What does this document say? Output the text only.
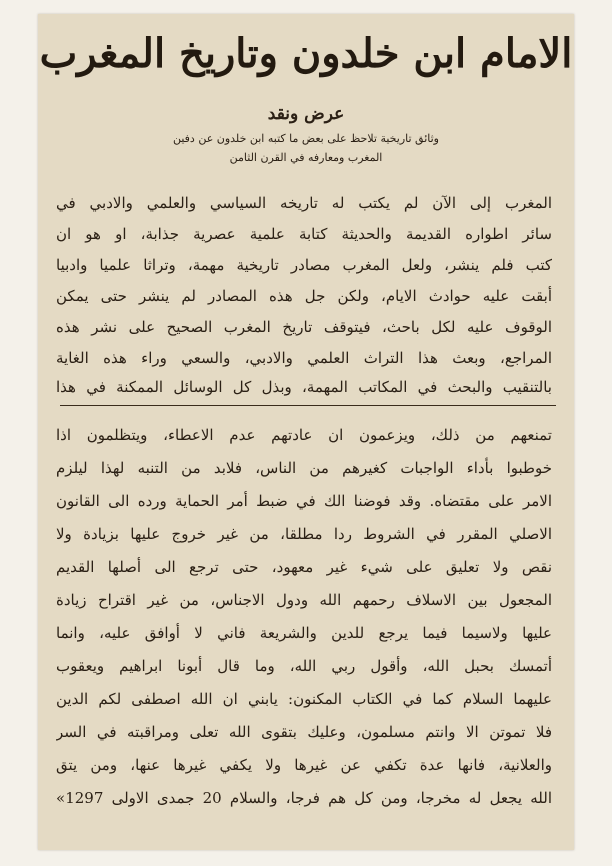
الامام ابن خلدون وتاريخ المغرب
عرض ونقد
وثائق تاريخية تلاحظ على بعض ما كتبه ابن خلدون عن دفين
المغرب ومعارفه في القرن الثامن
المغرب إلى الآن لم يكتب له تاريخه السياسي والعلمي والادبي في
سائر اطواره القديمة والحديثة كتابة علمية عصرية جذابة، او هو ان
كتب فلم ينشر، ولعل المغرب مصادر تاريخية مهمة، وتراثا علميا وادبيا
أبقت عليه حوادث الايام، ولكن جل هذه المصادر لم ينشر حتى يمكن
الوقوف عليه لكل باحث، فيتوقف تاريخ المغرب الصحيح على نشر هذه
المراجع، وبعث هذا التراث العلمي والادبي، والسعي وراء هذه الغاية
بالتنقيب والبحث في المكاتب المهمة، وبذل كل الوسائل الممكنة في هذا
تمنعهم من ذلك، ويزعمون ان عادتهم عدم الاعطاء، ويتظلمون اذا
خوطبوا بأداء الواجبات كغيرهم من الناس، فلابد من التنبه لهذا ليلزم
الامر على مقتضاه. وقد فوضنا الك في ضبط أمر الحماية ورده الى القانون
الاصلي المقرر في الشروط ردا مطلقا، من غير خروج عليها بزيادة ولا
نقص ولا تعليق على شيء غير معهود، حتى ترجع الى أصلها القديم
المجعول بين الاسلاف رحمهم الله ودول الاجناس، من غير اقتراح زيادة
عليها ولاسيما فيما يرجع للدين والشريعة فاني لا أوافق عليه، وانما
أتمسك بحبل الله، وأقول ربي الله، وما قال أبونا ابراهيم ويعقوب
عليهما السلام كما في الكتاب المكنون: يابني ان الله اصطفى لكم الدين
فلا تموتن الا وانتم مسلمون، وعليك بتقوى الله تعلى ومراقبته في السر
والعلانية، فانها عدة تكفي عن غيرها ولا يكفي غيرها عنها، ومن يتق
الله يجعل له مخرجا، ومن كل هم فرجا، والسلام 20 جمدى الاولى 1297»
